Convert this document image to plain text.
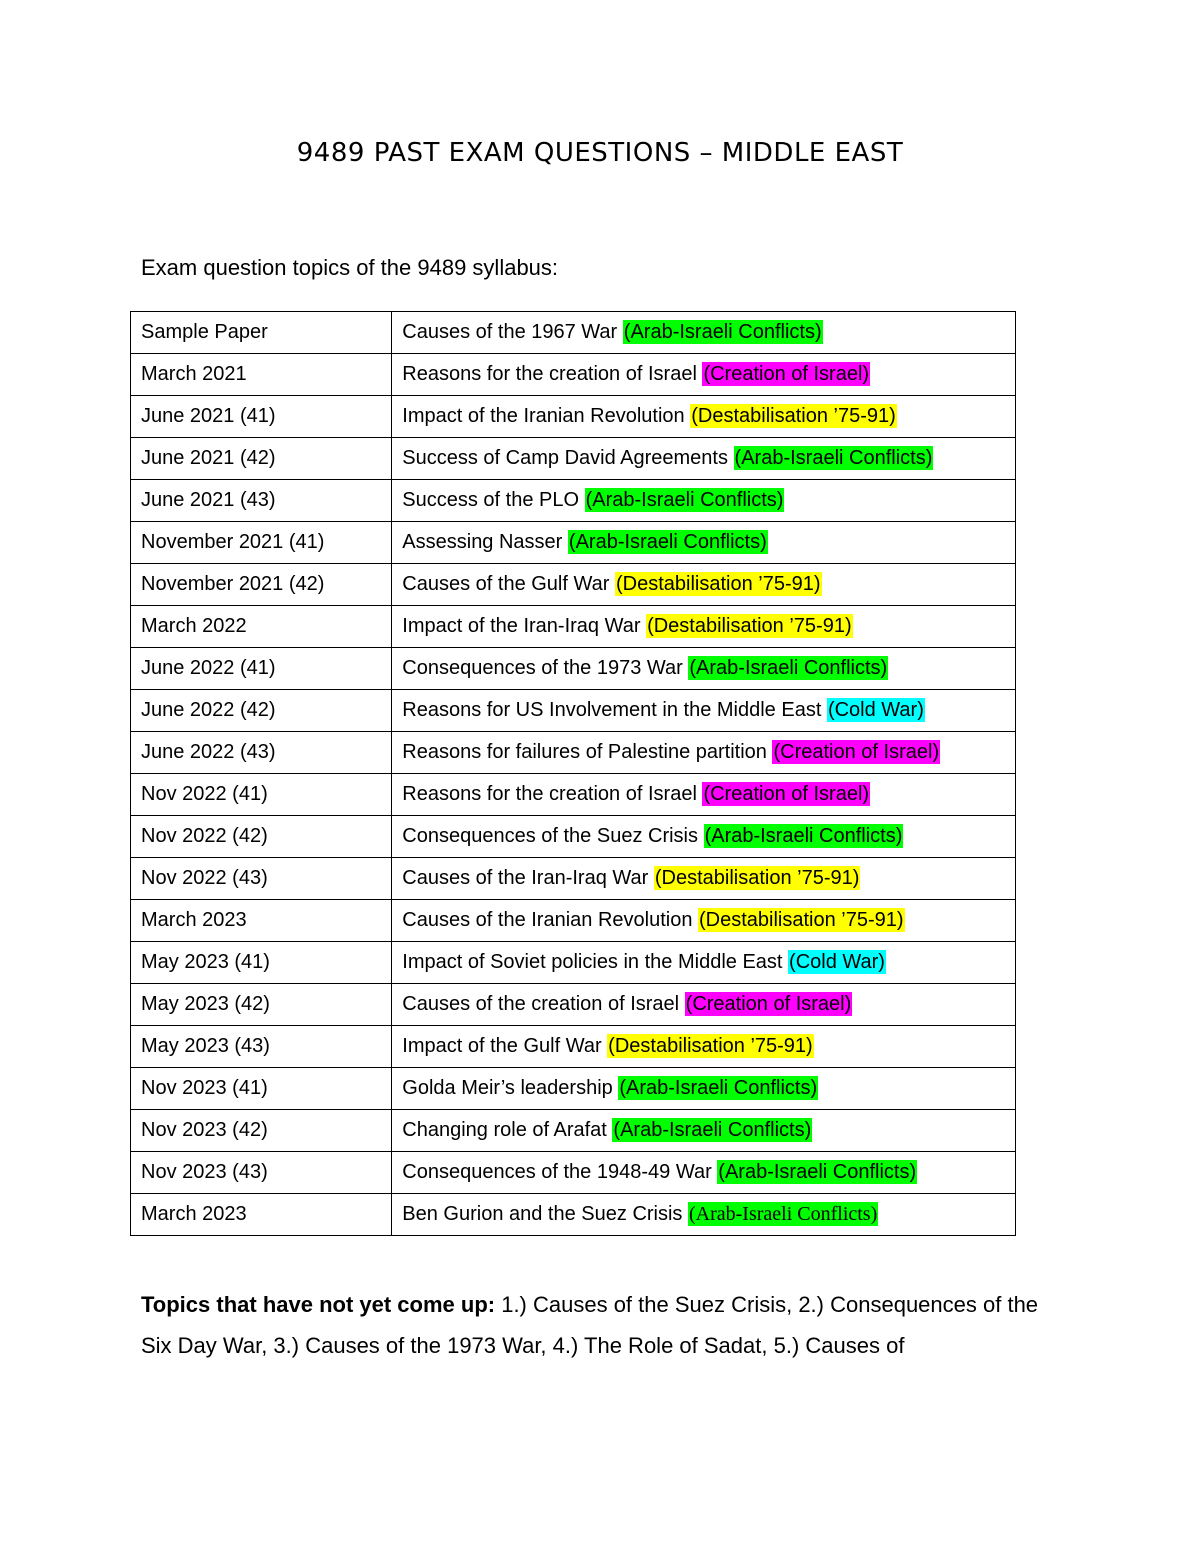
9489 PAST EXAM QUESTIONS – MIDDLE EAST
Exam question topics of the 9489 syllabus:
Sample Paper	Causes of the 1967 War (Arab-Israeli Conflicts)
March 2021	Reasons for the creation of Israel (Creation of Israel)
June 2021 (41)	Impact of the Iranian Revolution (Destabilisation ’75-91)
June 2021 (42)	Success of Camp David Agreements (Arab-Israeli Conflicts)
June 2021 (43)	Success of the PLO (Arab-Israeli Conflicts)
November 2021 (41)	Assessing Nasser (Arab-Israeli Conflicts)
November 2021 (42)	Causes of the Gulf War (Destabilisation ’75-91)
March 2022	Impact of the Iran-Iraq War (Destabilisation ’75-91)
June 2022 (41)	Consequences of the 1973 War (Arab-Israeli Conflicts)
June 2022 (42)	Reasons for US Involvement in the Middle East (Cold War)
June 2022 (43)	Reasons for failures of Palestine partition (Creation of Israel)
Nov 2022 (41)	Reasons for the creation of Israel (Creation of Israel)
Nov 2022 (42)	Consequences of the Suez Crisis (Arab-Israeli Conflicts)
Nov 2022 (43)	Causes of the Iran-Iraq War (Destabilisation ’75-91)
March 2023	Causes of the Iranian Revolution (Destabilisation ’75-91)
May 2023 (41)	Impact of Soviet policies in the Middle East (Cold War)
May 2023 (42)	Causes of the creation of Israel (Creation of Israel)
May 2023 (43)	Impact of the Gulf War (Destabilisation ’75-91)
Nov 2023 (41)	Golda Meir’s leadership (Arab-Israeli Conflicts)
Nov 2023 (42)	Changing role of Arafat (Arab-Israeli Conflicts)
Nov 2023 (43)	Consequences of the 1948-49 War (Arab-Israeli Conflicts)
March 2023	Ben Gurion and the Suez Crisis (Arab-Israeli Conflicts)
Topics that have not yet come up: 1.) Causes of the Suez Crisis, 2.) Consequences of the Six Day War, 3.) Causes of the 1973 War, 4.) The Role of Sadat, 5.) Causes of
